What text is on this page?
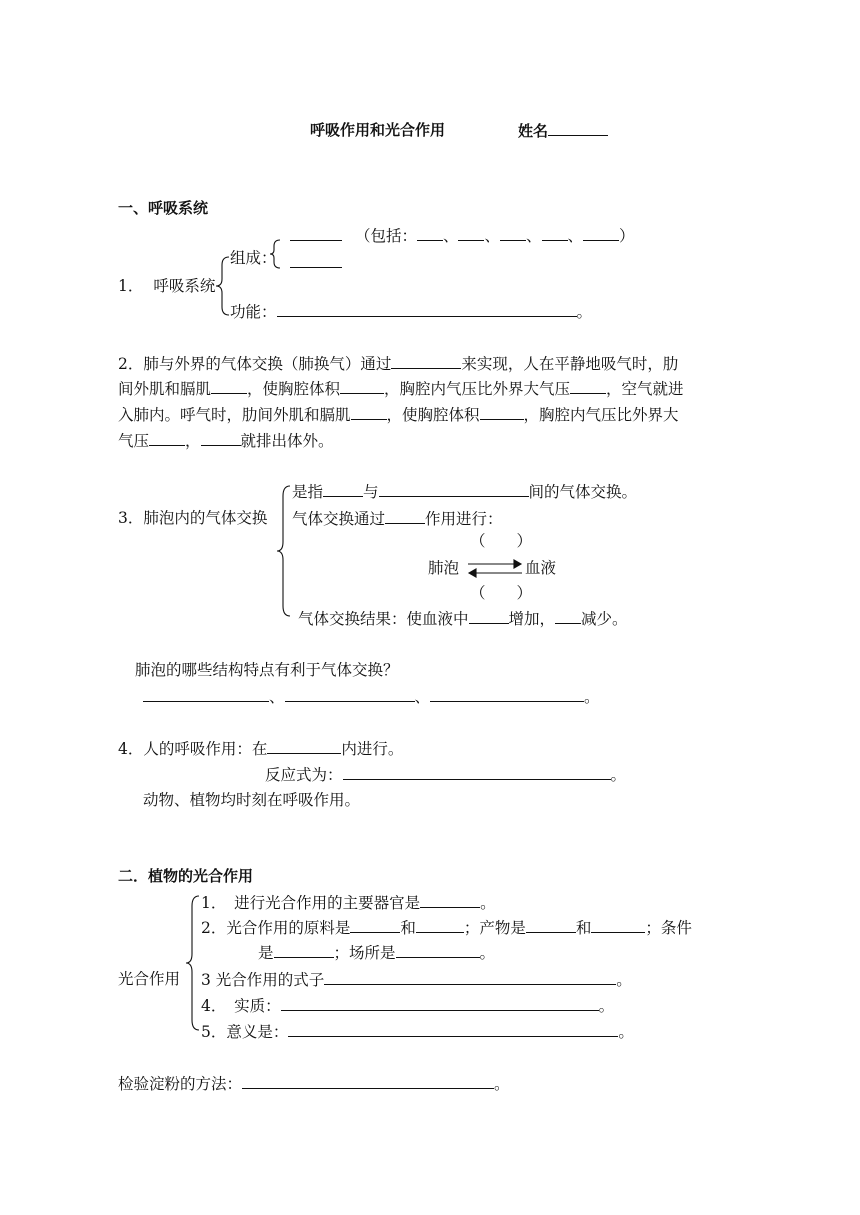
呼吸作用和光合作用	姓名
一、呼吸系统
（包括： 、 、 、 、 ）
组成：
1． 呼吸系统
功能：	。
2．肺与外界的气体交换（肺换气）通过	来实现，人在平静地吸气时，肋
间外肌和膈肌 ，使胸腔体积	，胸腔内气压比外界大气压 ，空气就进
入肺内。呼气时，肋间外肌和膈肌 ，使胸腔体积	，胸腔内气压比外界大
气压 ，	就排出体外。
是指	与	间的气体交换。
3．肺泡内的气体交换 气体交换通过	作用进行：
（　　）
肺泡	血液
（　　）
气体交换结果：使血液中	增加， 减少。
肺泡的哪些结构特点有利于气体交换？
、	、	。
4．人的呼吸作用：在	内进行。
反应式为：	。
动物、植物均时刻在呼吸作用。
二．植物的光合作用
1．　进行光合作用的主要器官是	。
2．光合作用的原料是	和	；产物是	和	；条件
是	；场所是	。
光合作用 3 光合作用的式子	。
4．　实质：	。
5．意义是：	。
检验淀粉的方法：	。
